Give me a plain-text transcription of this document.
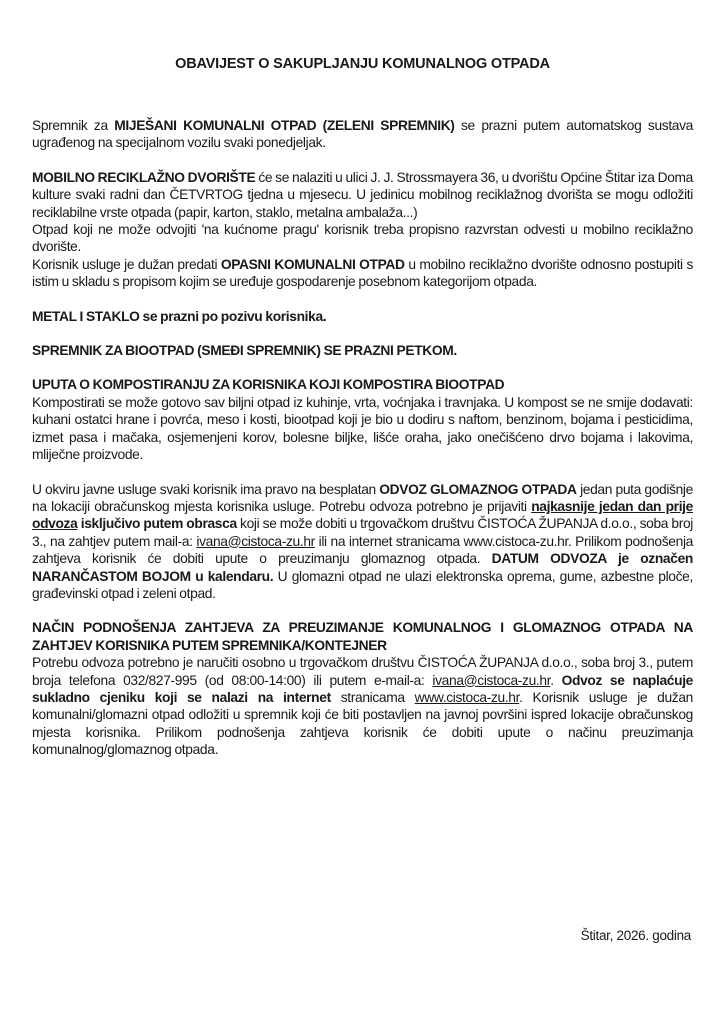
OBAVIJEST O SAKUPLJANJU KOMUNALNOG OTPADA

Spremnik za MIJEŠANI KOMUNALNI OTPAD (ZELENI SPREMNIK) se prazni putem automatskog sustava ugrađenog na specijalnom vozilu svaki ponedjeljak.

MOBILNO RECIKLAŽNO DVORIŠTE će se nalaziti u ulici J. J. Strossmayera 36, u dvorištu Općine Štitar iza Doma kulture svaki radni dan ČETVRTOG tjedna u mjesecu. U jedinicu mobilnog reciklažnog dvorišta se mogu odložiti reciklabilne vrste otpada (papir, karton, staklo, metalna ambalaža...)
Otpad koji ne može odvojiti 'na kućnome pragu' korisnik treba propisno razvrstan odvesti u mobilno reciklažno dvorište.
Korisnik usluge je dužan predati OPASNI KOMUNALNI OTPAD u mobilno reciklažno dvorište odnosno postupiti s istim u skladu s propisom kojim se uređuje gospodarenje posebnom kategorijom otpada.

METAL I STAKLO se prazni po pozivu korisnika.

SPREMNIK ZA BIOOTPAD (SMEĐI SPREMNIK) SE PRAZNI PETKOM.

UPUTA O KOMPOSTIRANJU ZA KORISNIKA KOJI KOMPOSTIRA BIOOTPAD
Kompostirati se može gotovo sav biljni otpad iz kuhinje, vrta, voćnjaka i travnjaka. U kompost se ne smije dodavati: kuhani ostatci hrane i povrća, meso i kosti, biootpad koji je bio u dodiru s naftom, benzinom, bojama i pesticidima, izmet pasa i mačaka, osjemenjeni korov, bolesne biljke, lišće oraha, jako onečišćeno drvo bojama i lakovima, mliječne proizvode.

U okviru javne usluge svaki korisnik ima pravo na besplatan ODVOZ GLOMAZNOG OTPADA jedan puta godišnje na lokaciji obračunskog mjesta korisnika usluge. Potrebu odvoza potrebno je prijaviti najkasnije jedan dan prije odvoza isključivo putem obrasca koji se može dobiti u trgovačkom društvu ČISTOĆA ŽUPANJA d.o.o., soba broj 3., na zahtjev putem mail-a: ivana@cistoca-zu.hr ili na internet stranicama www.cistoca-zu.hr. Prilikom podnošenja zahtjeva korisnik će dobiti upute o preuzimanju glomaznog otpada. DATUM ODVOZA je označen NARANČASTOM BOJOM u kalendaru. U glomazni otpad ne ulazi elektronska oprema, gume, azbestne ploče, građevinski otpad i zeleni otpad.

NAČIN PODNOŠENJA ZAHTJEVA ZA PREUZIMANJE KOMUNALNOG I GLOMAZNOG OTPADA NA ZAHTJEV KORISNIKA PUTEM SPREMNIKA/KONTEJNER
Potrebu odvoza potrebno je naručiti osobno u trgovačkom društvu ČISTOĆA ŽUPANJA d.o.o., soba broj 3., putem broja telefona 032/827-995 (od 08:00-14:00) ili putem e-mail-a: ivana@cistoca-zu.hr. Odvoz se naplaćuje sukladno cjeniku koji se nalazi na internet stranicama www.cistoca-zu.hr. Korisnik usluge je dužan komunalni/glomazni otpad odložiti u spremnik koji će biti postavljen na javnoj površini ispred lokacije obračunskog mjesta korisnika. Prilikom podnošenja zahtjeva korisnik će dobiti upute o načinu preuzimanja komunalnog/glomaznog otpada.

Štitar, 2026. godina
